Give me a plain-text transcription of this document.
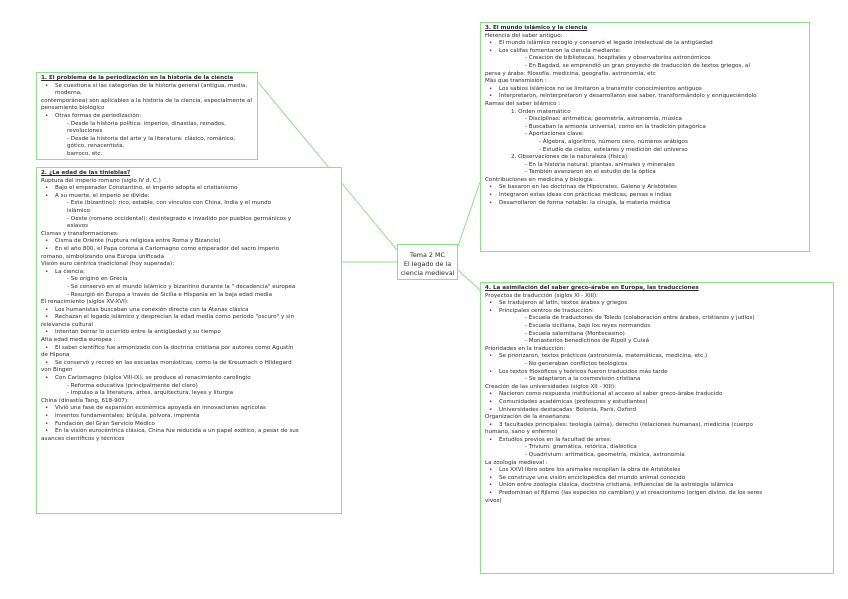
1. El problema de la periodización en la historia de la ciencia
• Se cuestiona si las categorías de la historia general (antigua, media, moderna,
contemporánea) son aplicables a la historia de la ciencia, especialmente al
pensamiento biológico
• Otras formas de periodización:
- Desde la historia política: imperios, dinastías, reinados, revoluciones
- Desde la historia del arte y la literatura: clásico, románico, gótico, renacentista,
barroco, etc.
2. ¿La edad de las tinieblas?
Ruptura del imperio romano (siglo IV d. C.)
• Bajo el emperador Constantino, el imperio adopta el cristianismo
• A su muerte, el imperio se divide:
- Este (bizantino): rico, estable, con vínculos con China, India y el mundo
islámico
- Oeste (romano occidental): desintegrado e invadido por pueblos germánicos y
eslavos
Cismas y transformaciones:
• Cisma de Oriente (ruptura religiosa entre Roma y Bizancio)
• En el año 800, el Papa corona a Carlomagno como emperador del sacro imperio
romano, simbolizando una Europa unificada
Visión euro céntrica tradicional (hoy superada):
• La ciencia:
- Se originó en Grecia
- Se conservó en el mundo islámico y bizantino durante la " decadencia" europea
- Resurgió en Europa a través de Sicilia e Hispania en la baja edad media
El renacimiento (siglos XV-XVI):
• Los humanistas buscaban una conexión directa con la Atenas clásica
• Rechazan el legado islámico y desprecian la edad media como periodo "oscuro" y sin
relevancia cultural
• Intentan borrar lo ocurrido entre la antigüedad y su tiempo
Alta edad media europea :
• El saber científico fue armonizado con la doctrina cristiana por autores como Agustín
de Hipona
• Se conservó y recreó en las escuelas monásticas, como la de Kreuznach o Hildegard
von Bingen
• Con Carlomagno (siglos VIII-IX), se produce el renacimiento carolingio
- Reforma educativa (principalmente del clero)
- Impulso a la literatura, artes, arquitectura, leyes y liturgia
China (dinastía Tang, 618-907):
• Vivió una fase de expansión económica apoyada en innovaciones agrícolas
• Inventos fundamentales: brújula, pólvora, imprenta
• Fundación del Gran Servicio Médico
• En la visión eurocéntrica clásica, China fue reducida a un papel exótico, a pesar de sus
avances científicos y técnicos
Tema 2 MC
El legado de la
ciencia medieval
3. El mundo islámico y la ciencia
Herencia del saber antiguo:
• El mundo islámico recogió y conservó el legado intelectual de la antigüedad
• Los califas fomentaron la ciencia mediante:
- Creación de bibliotecas, hospitales y observatorios astronómicos
- En Bagdad, se emprendió un gran proyecto de traducción de textos griegos, al
persa y árabe: filosofía, medicina, geografía, astronomía, etc
Más que transmisión :
• Los sabios islámicos no se limitaron a transmitir conocimientos antiguos
• Interpretaron, reinterpretaron y desarrollaron ese saber, transformándolo y enriqueciéndolo
Ramas del saber islámico :
1. Orden matemático
- Disciplinas: aritmética, geometría, astronomía, música
- Buscaban la armonía universal, como en la tradición pitagórica
- Aportaciones clave:
- Álgebra, algoritmo, número cero, números arábigos
- Estudio de cielos, estelares y medición del universo
2. Observaciones de la naturaleza (física)
- En la historia natural: plantas, animales y minerales
- También avanzaron en el estudio de la óptica
Contribuciones en medicina y biología:
• Se basaron en las doctrinas de Hipócrates, Galeno y Aristóteles
• Integraron estas ideas con prácticas médicas, persas e indias
• Desarrollaron de forma notable: la cirugía, la materia médica
4. La asimilación del saber greco-árabe en Europa, las traducciones
Proyectos de traducción (siglos XI - XIII):
• Se tradujeron al latín, textos árabes y griegos
• Principales centros de traducción:
- Escuela de traductores de Toledo (colaboración entre árabes, cristianos y judíos)
- Escuela siciliana, bajo los reyes normandos
- Escuela salernitana (Montecasino)
- Monasterios benedictinos de Ripoll y Cuixá
Prioridades en la traducción:
• Se priorizaron, textos prácticos (astronomía, matemáticas, medicina, etc.)
- No generaban conflictos teológicos
• Los textos filosóficos y teóricos fueron traducidos más tarde
- Se adaptaron a la cosmovisión cristiana
Creación de las universidades (siglos XII - XIII):
• Nacieron como respuesta institucional al acceso al saber greco-árabe traducido
• Comunidades académicas (profesores y estudiantes)
• Universidades destacadas: Bolonia, París, Oxford
Organización de la enseñanza:
• 3 facultades principales: teología (alma), derecho (relaciones humanas), medicina (cuerpo
humano, sano y enfermo)
• Estudios previos en la facultad de artes:
- Trivium: gramática, retórica, dialéctica
- Quadrivium: aritmética, geometría, música, astronomía
La zoología medieval :
• Los XXVI libro sobre los animales recopilan la obra de Aristóteles
• Se construye una visión enciclopédica del mundo animal conocido
• Unión entre zoología clásica, doctrina cristiana, influencias de la astrología islámica
• Predominan el fijismo (las especies no cambian) y el creacionismo (origen divino, de los seres
vivos)
